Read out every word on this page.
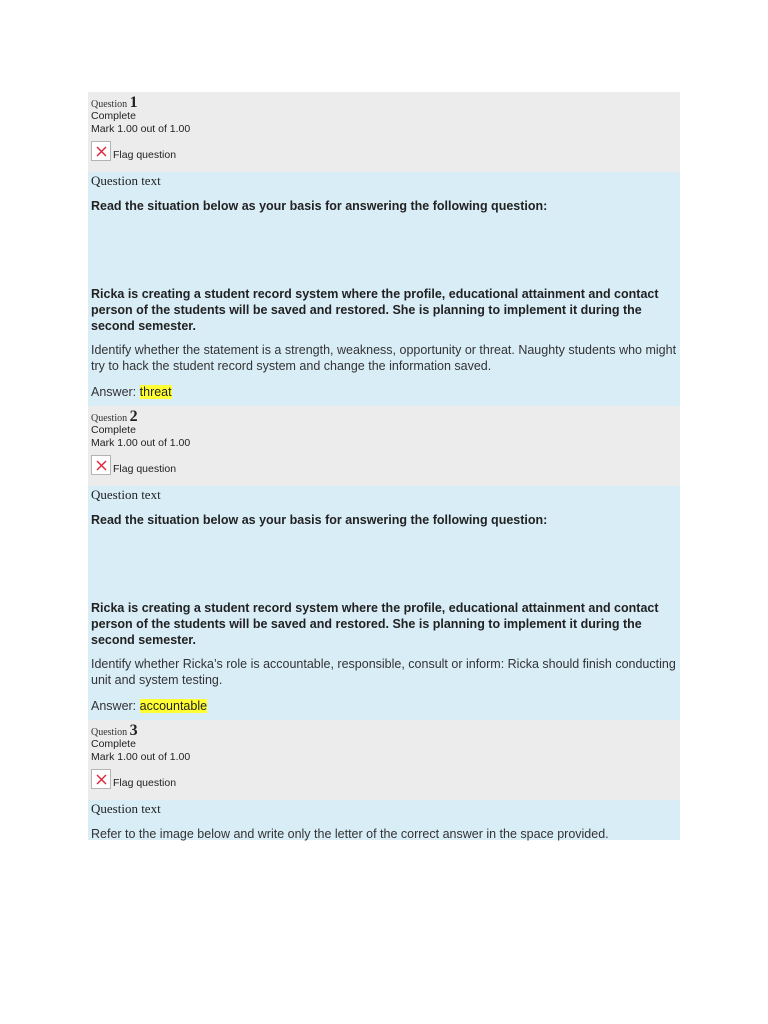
Question 1
Complete
Mark 1.00 out of 1.00
Flag question
Question text

Read the situation below as your basis for answering the following question:

Ricka is creating a student record system where the profile, educational attainment and contact person of the students will be saved and restored. She is planning to implement it during the second semester.

Identify whether the statement is a strength, weakness, opportunity or threat. Naughty students who might try to hack the student record system and change the information saved.

Answer: threat

Question 2
Complete
Mark 1.00 out of 1.00
Flag question
Question text

Read the situation below as your basis for answering the following question:

Ricka is creating a student record system where the profile, educational attainment and contact person of the students will be saved and restored. She is planning to implement it during the second semester.

Identify whether Ricka’s role is accountable, responsible, consult or inform: Ricka should finish conducting unit and system testing.

Answer: accountable

Question 3
Complete
Mark 1.00 out of 1.00
Flag question
Question text

Refer to the image below and write only the letter of the correct answer in the space provided.
